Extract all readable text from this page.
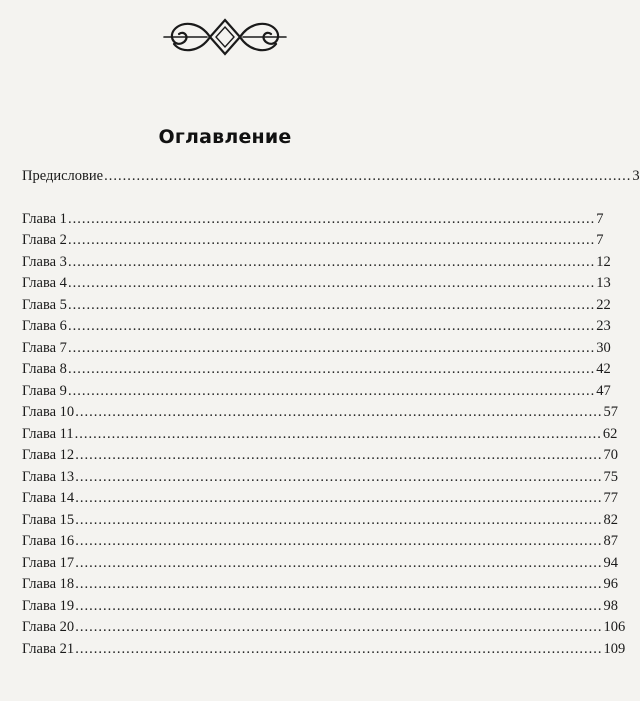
Оглавление
Предисловие .................................................................................................................. 3
Глава 1 .................................................................................................................. 7
Глава 2 .................................................................................................................. 7
Глава 3 .................................................................................................................. 12
Глава 4 .................................................................................................................. 13
Глава 5 .................................................................................................................. 22
Глава 6 .................................................................................................................. 23
Глава 7 .................................................................................................................. 30
Глава 8 .................................................................................................................. 42
Глава 9 .................................................................................................................. 47
Глава 10 .................................................................................................................. 57
Глава 11 .................................................................................................................. 62
Глава 12 .................................................................................................................. 70
Глава 13 .................................................................................................................. 75
Глава 14 .................................................................................................................. 77
Глава 15 .................................................................................................................. 82
Глава 16 .................................................................................................................. 87
Глава 17 .................................................................................................................. 94
Глава 18 .................................................................................................................. 96
Глава 19 .................................................................................................................. 98
Глава 20 .................................................................................................................. 106
Глава 21 .................................................................................................................. 109
